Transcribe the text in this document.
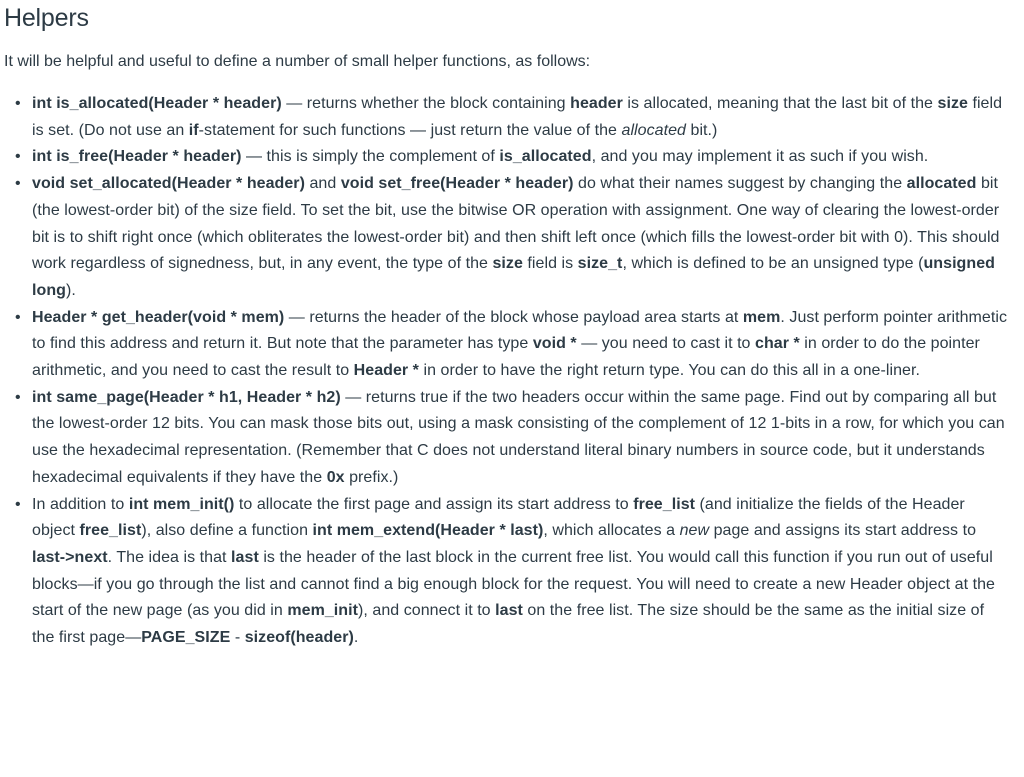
Helpers

It will be helpful and useful to define a number of small helper functions, as follows:

• int is_allocated(Header * header) — returns whether the block containing header is allocated, meaning that the last bit of the size field is set. (Do not use an if-statement for such functions — just return the value of the allocated bit.)
• int is_free(Header * header) — this is simply the complement of is_allocated, and you may implement it as such if you wish.
• void set_allocated(Header * header) and void set_free(Header * header) do what their names suggest by changing the allocated bit (the lowest-order bit) of the size field. To set the bit, use the bitwise OR operation with assignment. One way of clearing the lowest-order bit is to shift right once (which obliterates the lowest-order bit) and then shift left once (which fills the lowest-order bit with 0). This should work regardless of signedness, but, in any event, the type of the size field is size_t, which is defined to be an unsigned type (unsigned long).
• Header * get_header(void * mem) — returns the header of the block whose payload area starts at mem. Just perform pointer arithmetic to find this address and return it. But note that the parameter has type void * — you need to cast it to char * in order to do the pointer arithmetic, and you need to cast the result to Header * in order to have the right return type. You can do this all in a one-liner.
• int same_page(Header * h1, Header * h2) — returns true if the two headers occur within the same page. Find out by comparing all but the lowest-order 12 bits. You can mask those bits out, using a mask consisting of the complement of 12 1-bits in a row, for which you can use the hexadecimal representation. (Remember that C does not understand literal binary numbers in source code, but it understands hexadecimal equivalents if they have the 0x prefix.)
• In addition to int mem_init() to allocate the first page and assign its start address to free_list (and initialize the fields of the Header object free_list), also define a function int mem_extend(Header * last), which allocates a new page and assigns its start address to last->next. The idea is that last is the header of the last block in the current free list. You would call this function if you run out of useful blocks—if you go through the list and cannot find a big enough block for the request. You will need to create a new Header object at the start of the new page (as you did in mem_init), and connect it to last on the free list. The size should be the same as the initial size of the first page—PAGE_SIZE - sizeof(header).
